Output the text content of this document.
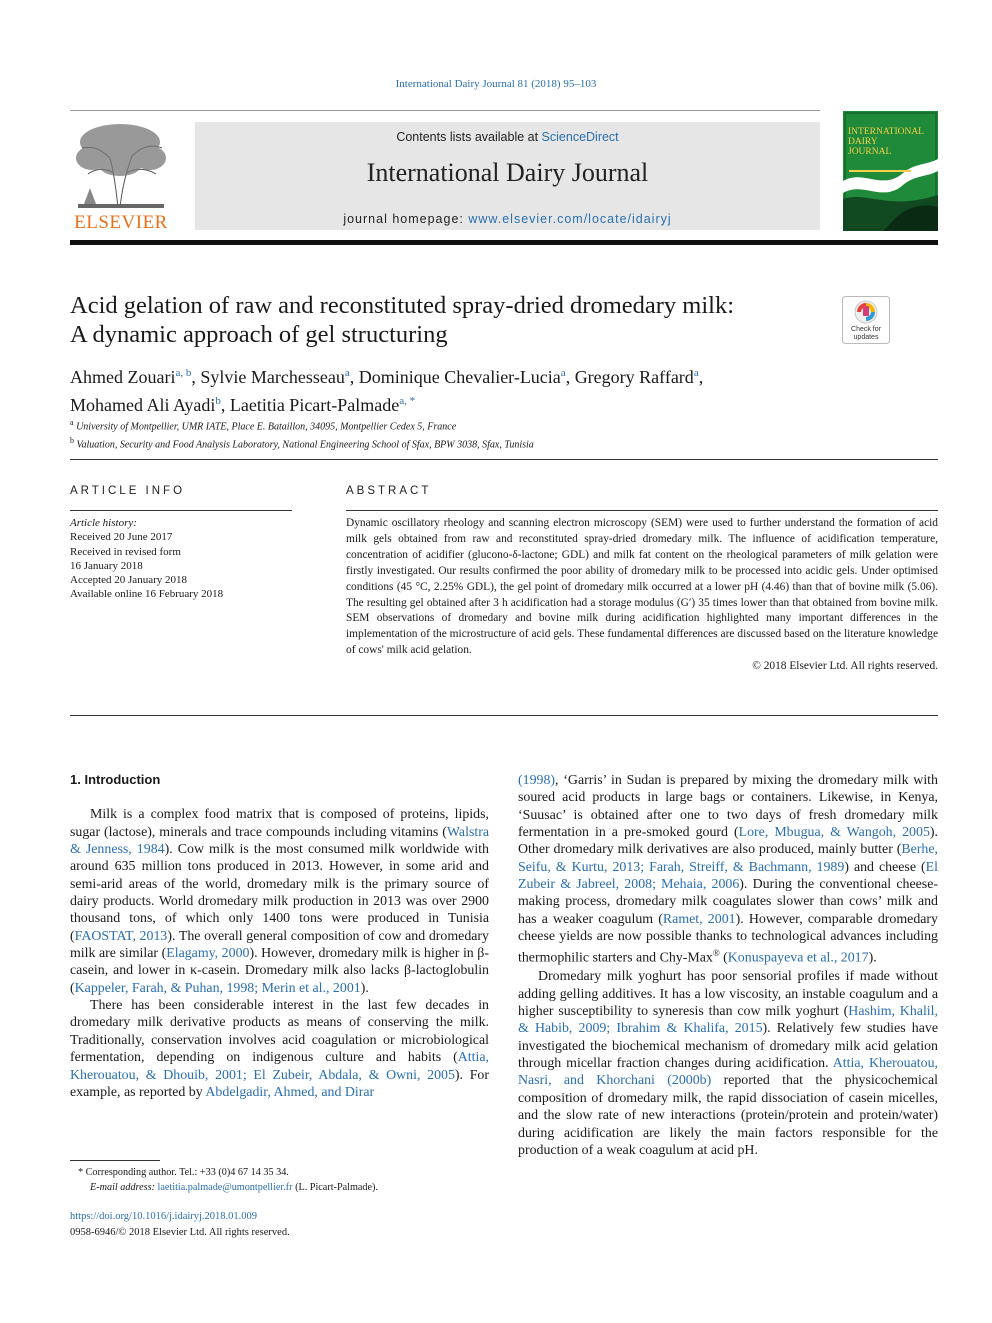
International Dairy Journal 81 (2018) 95–103
ELSEVIER
Contents lists available at ScienceDirect
International Dairy Journal
journal homepage: www.elsevier.com/locate/idairyj
INTERNATIONAL
DAIRY
JOURNAL
Acid gelation of raw and reconstituted spray-dried dromedary milk:
A dynamic approach of gel structuring	Check for
updates
Ahmed Zouari$^{a, b}$, Sylvie Marchesseau$^a$, Dominique Chevalier-Lucia$^a$, Gregory Raffard$^a$,
Mohamed Ali Ayadi$^b$, Laetitia Picart-Palmade$^{a, *}$
$^a$ University of Montpellier, UMR IATE, Place E. Bataillon, 34095, Montpellier Cedex 5, France
$^b$ Valuation, Security and Food Analysis Laboratory, National Engineering School of Sfax, BPW 3038, Sfax, Tunisia
ARTICLE INFO
Article history:
Received 20 June 2017
Received in revised form
16 January 2018
Accepted 20 January 2018
Available online 16 February 2018
ABSTRACT
Dynamic oscillatory rheology and scanning electron microscopy (SEM) were used to further understand the formation of acid milk gels obtained from raw and reconstituted spray-dried dromedary milk. The influence of acidification temperature, concentration of acidifier (glucono-δ-lactone; GDL) and milk fat content on the rheological parameters of milk gelation were firstly investigated. Our results confirmed the poor ability of dromedary milk to be processed into acidic gels. Under optimised conditions (45 °C, 2.25% GDL), the gel point of dromedary milk occurred at a lower pH (4.46) than that of bovine milk (5.06). The resulting gel obtained after 3 h acidification had a storage modulus (G′) 35 times lower than that obtained from bovine milk. SEM observations of dromedary and bovine milk during acidification highlighted many important differences in the implementation of the microstructure of acid gels. These fundamental differences are discussed based on the literature knowledge of cows' milk acid gelation.
© 2018 Elsevier Ltd. All rights reserved.
1. Introduction

Milk is a complex food matrix that is composed of proteins, lipids, sugar (lactose), minerals and trace compounds including vitamins (Walstra & Jenness, 1984). Cow milk is the most consumed milk worldwide with around 635 million tons produced in 2013. However, in some arid and semi-arid areas of the world, dromedary milk is the primary source of dairy products. World dromedary milk production in 2013 was over 2900 thousand tons, of which only 1400 tons were produced in Tunisia (FAOSTAT, 2013). The overall general composition of cow and dromedary milk are similar (Elagamy, 2000). However, dromedary milk is higher in β-casein, and lower in κ-casein. Dromedary milk also lacks β-lactoglobulin (Kappeler, Farah, & Puhan, 1998; Merin et al., 2001).

There has been considerable interest in the last few decades in dromedary milk derivative products as means of conserving the milk. Traditionally, conservation involves acid coagulation or microbiological fermentation, depending on indigenous culture and habits (Attia, Kherouatou, & Dhouib, 2001; El Zubeir, Abdala, & Owni, 2005). For example, as reported by Abdelgadir, Ahmed, and Dirar

(1998), ‘Garris’ in Sudan is prepared by mixing the dromedary milk with soured acid products in large bags or containers. Likewise, in Kenya, ‘Suusac’ is obtained after one to two days of fresh dromedary milk fermentation in a pre-smoked gourd (Lore, Mbugua, & Wangoh, 2005). Other dromedary milk derivatives are also produced, mainly butter (Berhe, Seifu, & Kurtu, 2013; Farah, Streiff, & Bachmann, 1989) and cheese (El Zubeir & Jabreel, 2008; Mehaia, 2006). During the conventional cheese-making process, dromedary milk coagulates slower than cows’ milk and has a weaker coagulum (Ramet, 2001). However, comparable dromedary cheese yields are now possible thanks to technological advances including thermophilic starters and Chy-Max® (Konuspayeva et al., 2017).

Dromedary milk yoghurt has poor sensorial profiles if made without adding gelling additives. It has a low viscosity, an instable coagulum and a higher susceptibility to syneresis than cow milk yoghurt (Hashim, Khalil, & Habib, 2009; Ibrahim & Khalifa, 2015). Relatively few studies have investigated the biochemical mechanism of dromedary milk acid gelation through micellar fraction changes during acidification. Attia, Kherouatou, Nasri, and Khorchani (2000b) reported that the physicochemical composition of dromedary milk, the rapid dissociation of casein micelles, and the slow rate of new interactions (protein/protein and protein/water) during acidification are likely the main factors responsible for the production of a weak coagulum at acid pH.

* Corresponding author. Tel.: +33 (0)4 67 14 35 34.
E-mail address: laetitia.palmade@umontpellier.fr (L. Picart-Palmade).
https://doi.org/10.1016/j.idairyj.2018.01.009
0958-6946/© 2018 Elsevier Ltd. All rights reserved.
